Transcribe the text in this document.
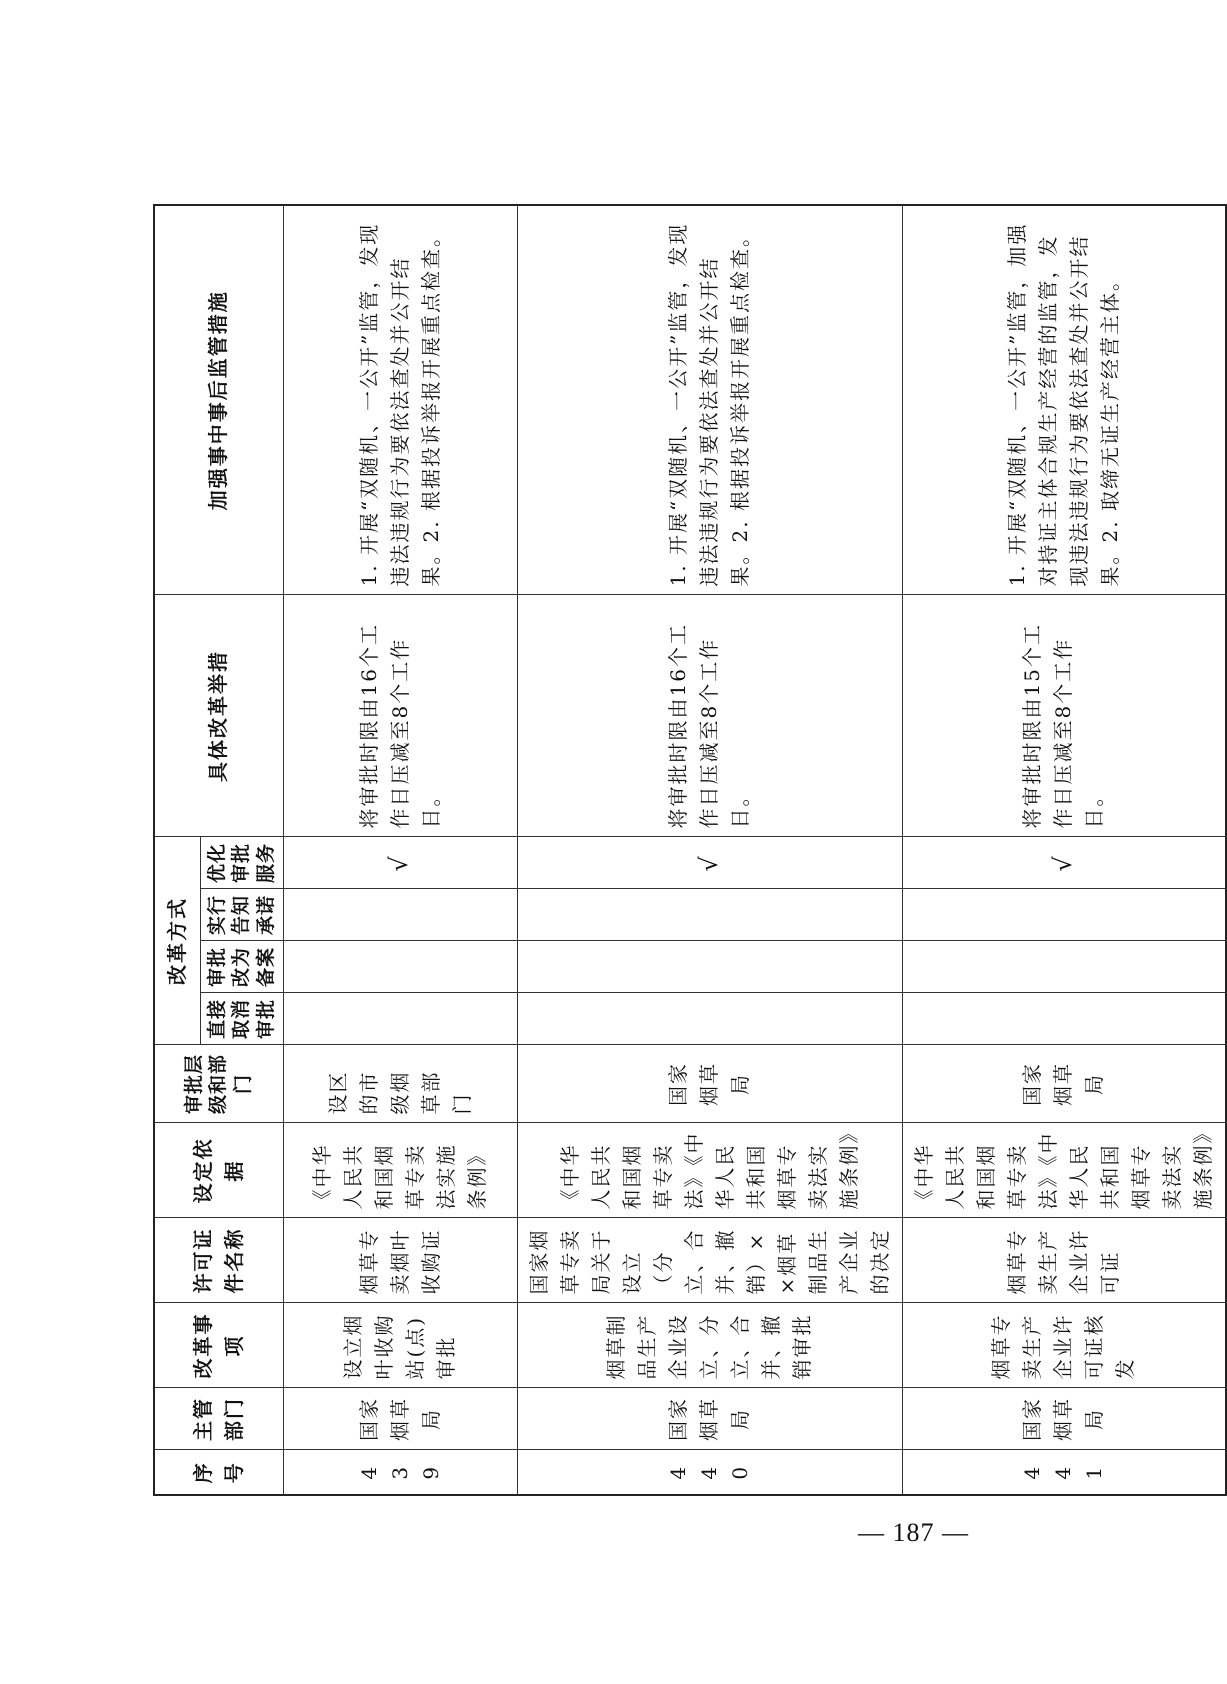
序号	主管部门	改革事项	许可证件名称	设定依据	审批层级和部门	改革方式				具体改革举措	加强事中事后监管措施
						直接取消审批	审批改为备案	实行告知承诺	优化审批服务		
439	国家烟草局	设立烟叶收购站(点)审批	烟草专卖烟叶收购证	《中华人民共和国烟草专卖法实施条例》	设区的市级烟草部门				√	将审批时限由16个工作日压减至8个工作日。	1. 开展“双随机、一公开”监管，发现违法违规行为要依法查处并公开结果。2. 根据投诉举报开展重点检查。
440	国家烟草局	烟草制品生产企业设立、分立、合并、撤销审批	国家烟草专卖局关于设立（分立、合并、撤销）××烟草制品生产企业的决定	《中华人民共和国烟草专卖法》《中华人民共和国烟草专卖法实施条例》	国家烟草局				√	将审批时限由16个工作日压减至8个工作日。	1. 开展“双随机、一公开”监管，发现违法违规行为要依法查处并公开结果。2. 根据投诉举报开展重点检查。
441	国家烟草局	烟草专卖生产企业许可证核发	烟草专卖生产企业许可证	《中华人民共和国烟草专卖法》《中华人民共和国烟草专卖法实施条例》	国家烟草局				√	将审批时限由15个工作日压减至8个工作日。	1. 开展“双随机、一公开”监管，加强对持证主体合规生产经营的监管，发现违法违规行为要依法查处并公开结果。2. 取缔无证生产经营主体。
— 187 —
